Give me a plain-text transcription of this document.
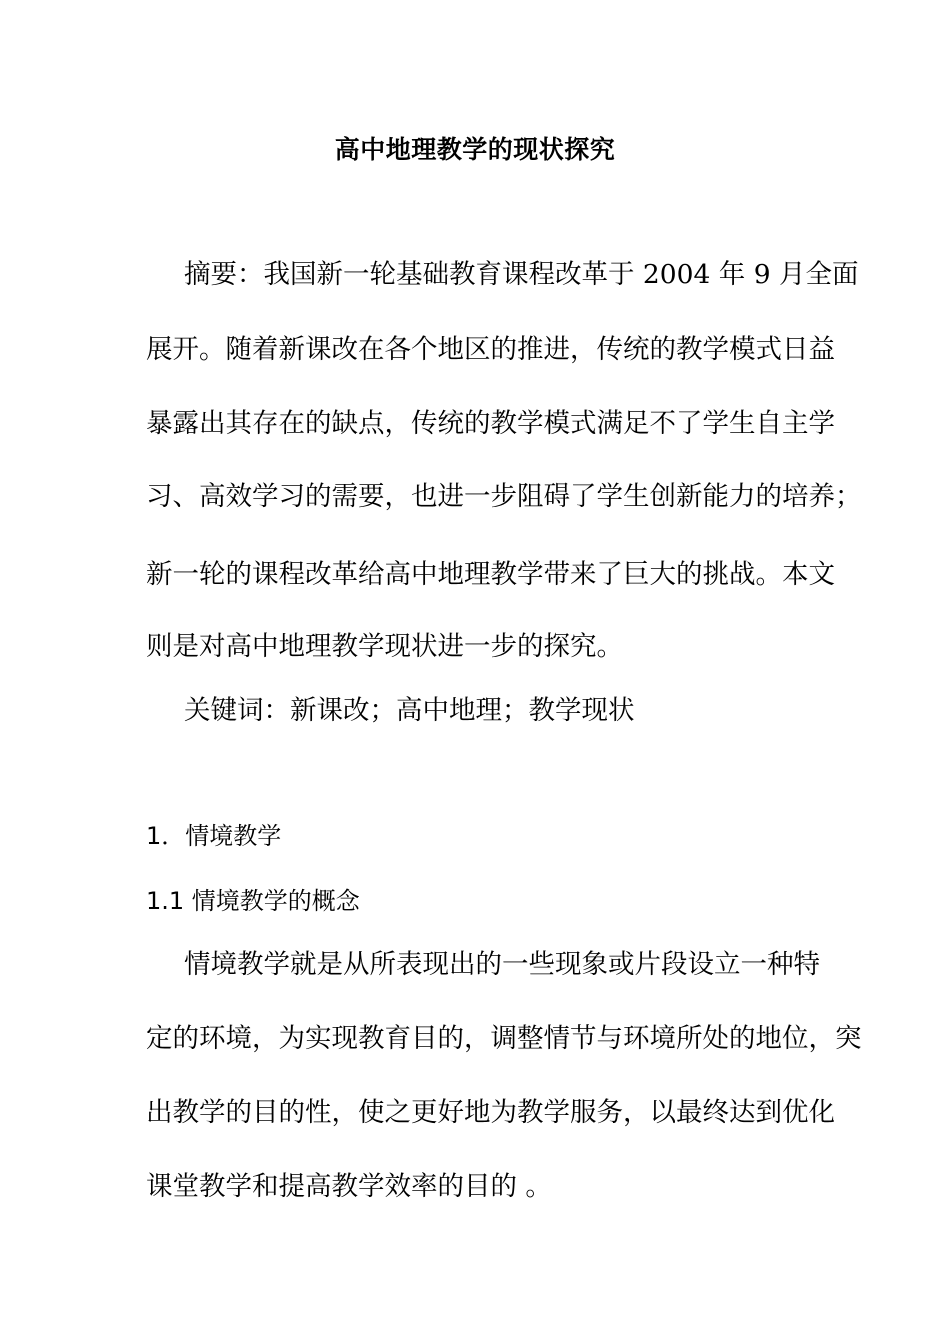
高中地理教学的现状探究
摘要：我国新一轮基础教育课程改革于 2004 年 9 月全面
展开。随着新课改在各个地区的推进，传统的教学模式日益
暴露出其存在的缺点，传统的教学模式满足不了学生自主学
习、高效学习的需要，也进一步阻碍了学生创新能力的培养；
新一轮的课程改革给高中地理教学带来了巨大的挑战。本文
则是对高中地理教学现状进一步的探究。
关键词：新课改；高中地理；教学现状
1．情境教学
1.1 情境教学的概念
情境教学就是从所表现出的一些现象或片段设立一种特
定的环境，为实现教育目的，调整情节与环境所处的地位，突
出教学的目的性，使之更好地为教学服务，以最终达到优化
课堂教学和提高教学效率的目的 。
